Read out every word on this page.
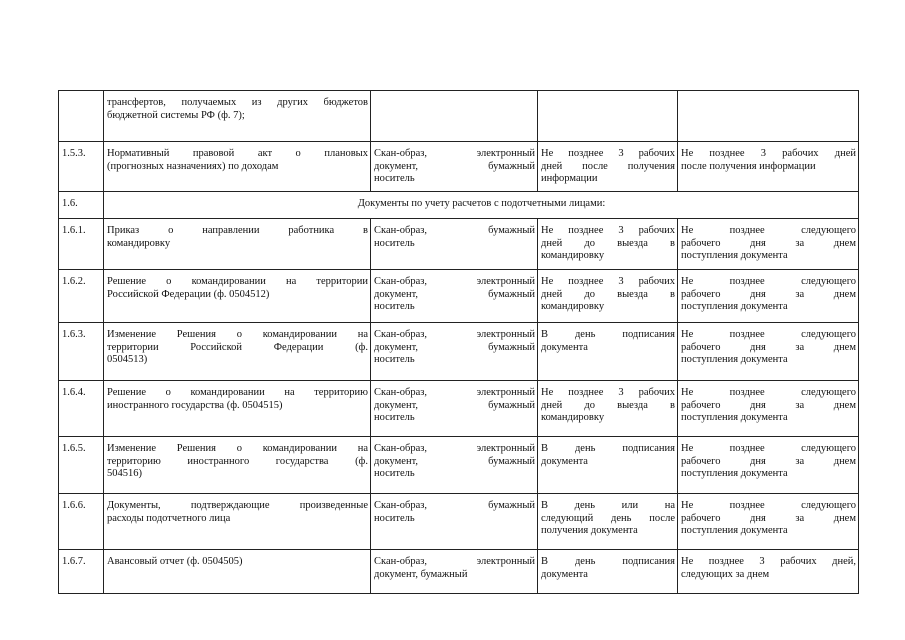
	трансфертов, получаемых из других бюджетов
бюджетной системы РФ (ф. 7);			

1.5.3.	Нормативный правовой акт о плановых
(прогнозных назначениях) по доходам	Скан-образ, электронный
документ, бумажный
носитель	Не позднее 3 рабочих
дней после получения
информации	Не позднее 3 рабочих дней
после получения информации

1.6.	Документы по учету расчетов с подотчетными лицами:			
1.6.1.	Приказ о направлении работника в
командировку	Скан-образ, бумажный
носитель	Не позднее 3 рабочих
дней до выезда в
командировку	Не позднее следующего
рабочего дня за днем
поступления документа

1.6.2.	Решение о командировании на территории
Российской Федерации (ф. 0504512)	Скан-образ, электронный
документ, бумажный
носитель	Не позднее 3 рабочих
дней до выезда в
командировку	Не позднее следующего
рабочего дня за днем
поступления документа

1.6.3.	Изменение Решения о командировании на
территории Российской Федерации (ф.
0504513)	Скан-образ, электронный
документ, бумажный
носитель	В день подписания
документа	Не позднее следующего
рабочего дня за днем
поступления документа

1.6.4.	Решение о командировании на территорию
иностранного государства (ф. 0504515)	Скан-образ, электронный
документ, бумажный
носитель	Не позднее 3 рабочих
дней до выезда в
командировку	Не позднее следующего
рабочего дня за днем
поступления документа

1.6.5.	Изменение Решения о командировании на
территорию иностранного государства (ф.
504516)	Скан-образ, электронный
документ, бумажный
носитель	В день подписания
документа	Не позднее следующего
рабочего дня за днем
поступления документа

1.6.6.	Документы, подтверждающие произведенные
расходы подотчетного лица	Скан-образ, бумажный
носитель	В день или на
следующий день после
получения документа	Не позднее следующего
рабочего дня за днем
поступления документа

1.6.7.	Авансовый отчет (ф. 0504505)	Скан-образ, электронный
документ, бумажный	В день подписания
документа	Не позднее 3 рабочих дней,
следующих за днем
